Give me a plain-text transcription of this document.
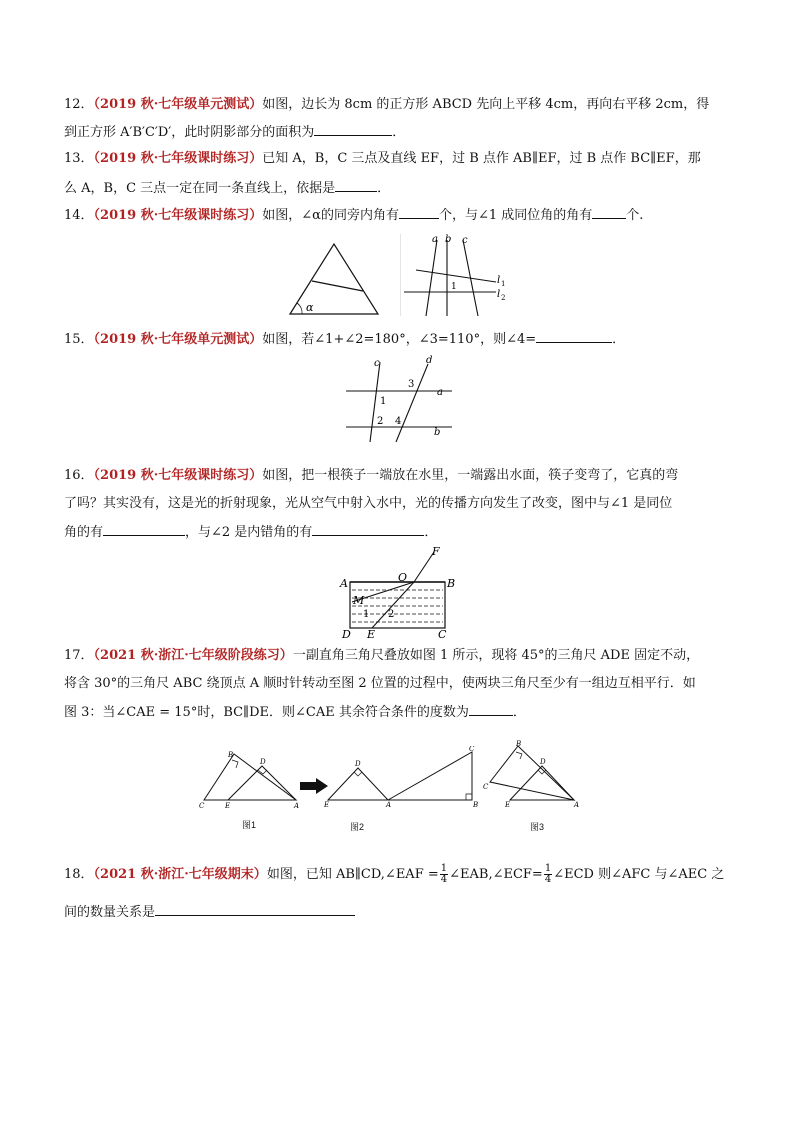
12．（2019 秋·七年级单元测试）如图，边长为 8cm 的正方形 ABCD 先向上平移 4cm，再向右平移 2cm，得
到正方形 A′B′C′D′，此时阴影部分的面积为	．
13．（2019 秋·七年级课时练习）已知 A，B，C 三点及直线 EF，过 B 点作 AB∥EF，过 B 点作 BC∥EF，那
么 A，B，C 三点一定在同一条直线上，依据是	．
14．（2019 秋·七年级课时练习）如图，∠α的同旁内角有	个，与∠1 成同位角的角有	个.
α
a b c
1
l 1
l 2
15．（2019 秋·七年级单元测试）如图，若∠1+∠2=180°，∠3=110°，则∠4=	．
c	d
3
a
1
2 4
b
16．（2019 秋·七年级课时练习）如图，把一根筷子一端放在水里，一端露出水面，筷子变弯了，它真的弯
了吗？其实没有，这是光的折射现象，光从空气中射入水中，光的传播方向发生了改变，图中与∠1 是同位
角的有	，与∠2 是内错角的有	．
F
A	O	B
M
1 2
D E	C
17．（2021 秋·浙江·七年级阶段练习）一副直角三角尺叠放如图 1 所示，现将 45°的三角尺 ADE 固定不动，
将含 30°的三角尺 ABC 绕顶点 A 顺时针转动至图 2 位置的过程中，使两块三角尺至少有一组边互相平行．如
图 3：当∠CAE = 15°时，BC∥DE．则∠CAE 其余符合条件的度数为	．
B
D
C	E	A
图1
D
C
E	A	B
图2
B
D
C
E	A
图3
18．（2021 秋·浙江·七年级期末）如图，已知 AB∥CD,∠EAF = $\frac{1}{4}$ ∠EAB,∠ECF= $\frac{1}{4}$ ∠ECD 则∠AFC 与∠AEC 之
间的数量关系是
